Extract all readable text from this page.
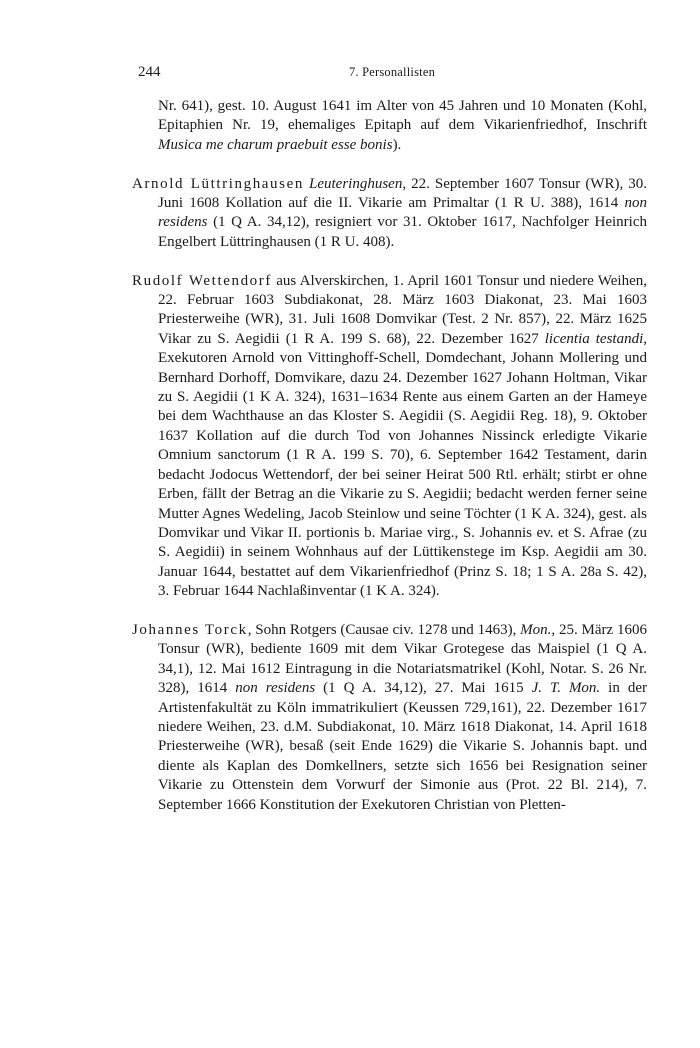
244	7. Personallisten

Nr. 641), gest. 10. August 1641 im Alter von 45 Jahren und 10 Monaten (Kohl, Epitaphien Nr. 19, ehemaliges Epitaph auf dem Vikarienfriedhof, Inschrift Musica me charum praebuit esse bonis).

Arnold Lüttringhausen Leuteringhusen, 22. September 1607 Tonsur (WR), 30. Juni 1608 Kollation auf die II. Vikarie am Primaltar (1 R U. 388), 1614 non residens (1 Q A. 34,12), resigniert vor 31. Oktober 1617, Nachfolger Heinrich Engelbert Lüttringhausen (1 R U. 408).

Rudolf Wettendorf aus Alverskirchen, 1. April 1601 Tonsur und niedere Weihen, 22. Februar 1603 Subdiakonat, 28. März 1603 Diakonat, 23. Mai 1603 Priesterweihe (WR), 31. Juli 1608 Domvikar (Test. 2 Nr. 857), 22. März 1625 Vikar zu S. Aegidii (1 R A. 199 S. 68), 22. Dezember 1627 licentia testandi, Exekutoren Arnold von Vittinghoff-Schell, Domdechant, Johann Mollering und Bernhard Dorhoff, Domvikare, dazu 24. Dezember 1627 Johann Holtman, Vikar zu S. Aegidii (1 K A. 324), 1631–1634 Rente aus einem Garten an der Hameye bei dem Wachthause an das Kloster S. Aegidii (S. Aegidii Reg. 18), 9. Oktober 1637 Kollation auf die durch Tod von Johannes Nissinck erledigte Vikarie Omnium sanctorum (1 R A. 199 S. 70), 6. September 1642 Testament, darin bedacht Jodocus Wettendorf, der bei seiner Heirat 500 Rtl. erhält; stirbt er ohne Erben, fällt der Betrag an die Vikarie zu S. Aegidii; bedacht werden ferner seine Mutter Agnes Wedeling, Jacob Steinlow und seine Töchter (1 K A. 324), gest. als Domvikar und Vikar II. portionis b. Mariae virg., S. Johannis ev. et S. Afrae (zu S. Aegidii) in seinem Wohnhaus auf der Lüttikenstege im Ksp. Aegidii am 30. Januar 1644, bestattet auf dem Vikarienfriedhof (Prinz S. 18; 1 S A. 28a S. 42), 3. Februar 1644 Nachlaßinventar (1 K A. 324).

Johannes Torck, Sohn Rotgers (Causae civ. 1278 und 1463), Mon., 25. März 1606 Tonsur (WR), bediente 1609 mit dem Vikar Grotegese das Maispiel (1 Q A. 34,1), 12. Mai 1612 Eintragung in die Notariatsmatrikel (Kohl, Notar. S. 26 Nr. 328), 1614 non residens (1 Q A. 34,12), 27. Mai 1615 J. T. Mon. in der Artistenfakultät zu Köln immatrikuliert (Keussen 729,161), 22. Dezember 1617 niedere Weihen, 23. d.M. Subdiakonat, 10. März 1618 Diakonat, 14. April 1618 Priesterweihe (WR), besaß (seit Ende 1629) die Vikarie S. Johannis bapt. und diente als Kaplan des Domkellners, setzte sich 1656 bei Resignation seiner Vikarie zu Ottenstein dem Vorwurf der Simonie aus (Prot. 22 Bl. 214), 7. September 1666 Konstitution der Exekutoren Christian von Pletten-
